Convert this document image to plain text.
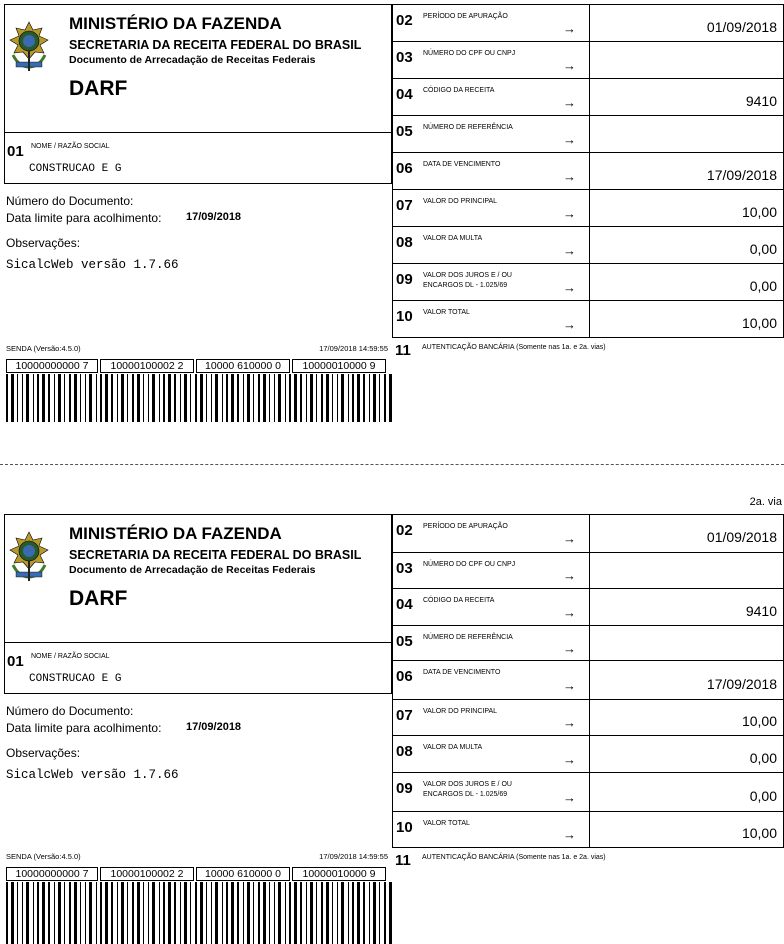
MINISTÉRIO DA FAZENDA
SECRETARIA DA RECEITA FEDERAL DO BRASIL
Documento de Arrecadação de Receitas Federais
DARF
01 NOME / RAZÃO SOCIAL
CONSTRUCAO E G
Número do Documento:
Data limite para acolhimento: 17/09/2018
Observações:
SicalcWeb versão 1.7.66
SENDA (Versão:4.5.0)	17/09/2018 14:59:55
10000000000 7	10000100002 2	10000 610000 0	10000010000 9
02 PERÍODO DE APURAÇÃO
→	01/09/2018
03 NÚMERO DO CPF OU CNPJ
→
04 CÓDIGO DA RECEITA
→	9410
05 NÚMERO DE REFERÊNCIA
→
06 DATA DE VENCIMENTO
→	17/09/2018
07 VALOR DO PRINCIPAL
→	10,00
08 VALOR DA MULTA
→	0,00
09 VALOR DOS JUROS E / OU ENCARGOS DL - 1.025/69	→	0,00
10 VALOR TOTAL
→	10,00
11 AUTENTICAÇÃO BANCÁRIA (Somente nas 1a. e 2a. vias)
2a. via
MINISTÉRIO DA FAZENDA
SECRETARIA DA RECEITA FEDERAL DO BRASIL
Documento de Arrecadação de Receitas Federais
DARF
01 NOME / RAZÃO SOCIAL
CONSTRUCAO E G
Número do Documento:
Data limite para acolhimento: 17/09/2018
Observações:
SicalcWeb versão 1.7.66
SENDA (Versão:4.5.0)	17/09/2018 14:59:55
10000000000 7	10000100002 2	10000 610000 0	10000010000 9
02 PERÍODO DE APURAÇÃO
→	01/09/2018
03 NÚMERO DO CPF OU CNPJ
→
04 CÓDIGO DA RECEITA
→	9410
05 NÚMERO DE REFERÊNCIA
→
06 DATA DE VENCIMENTO
→	17/09/2018
07 VALOR DO PRINCIPAL
→	10,00
08 VALOR DA MULTA
→	0,00
09 VALOR DOS JUROS E / OU ENCARGOS DL - 1.025/69	→	0,00
10 VALOR TOTAL
→	10,00
11 AUTENTICAÇÃO BANCÁRIA (Somente nas 1a. e 2a. vias)
